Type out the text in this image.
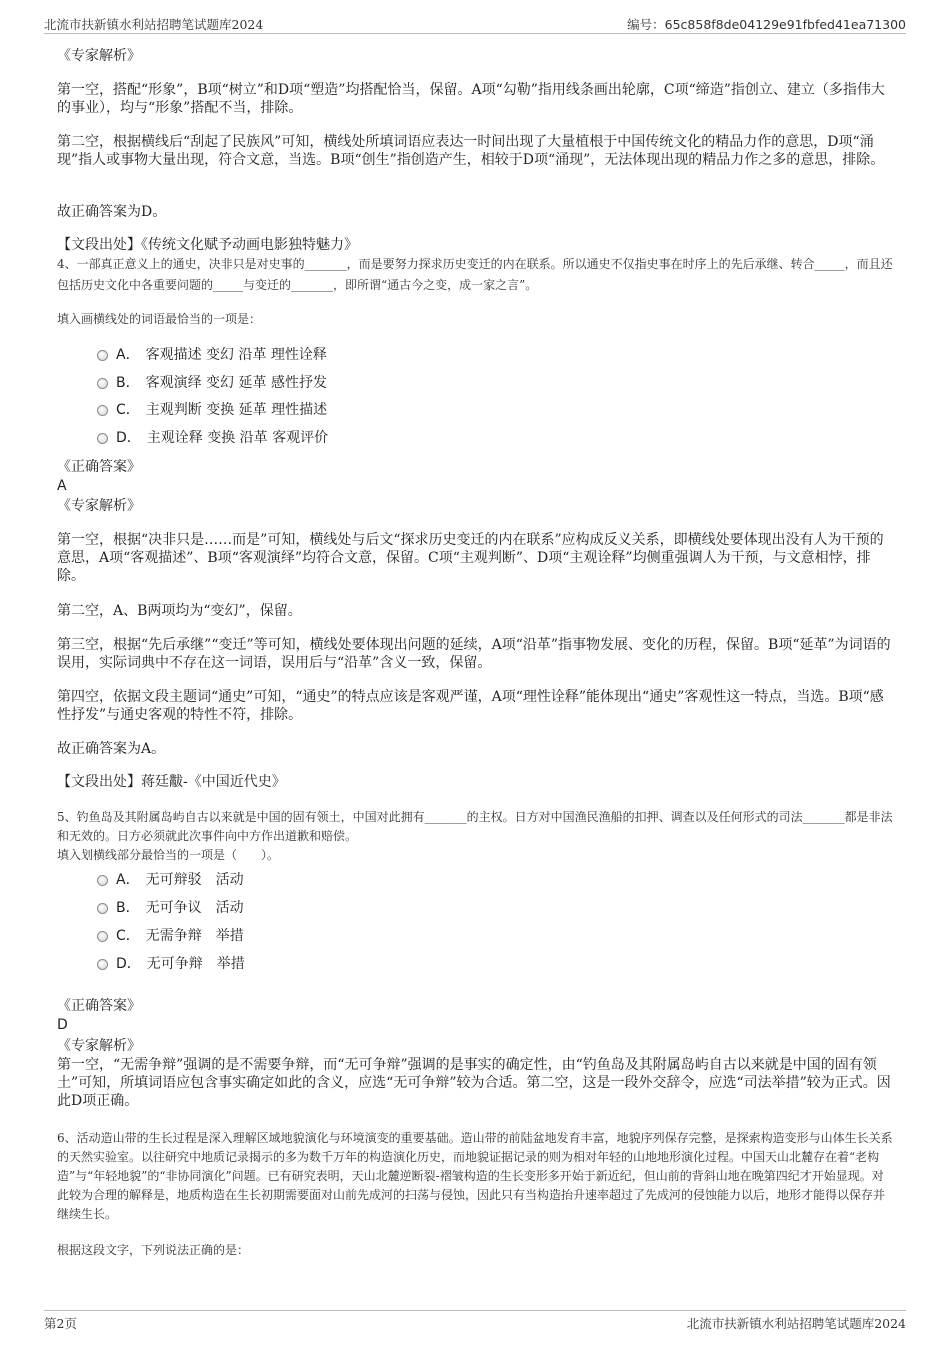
北流市扶新镇水利站招聘笔试题库2024	编号：65c858f8de04129e91fbfed41ea71300
《专家解析》
第一空，搭配“形象”，B项“树立”和D项“塑造”均搭配恰当，保留。A项“勾勒”指用线条画出轮廓，C项“缔造”指创立、建立（多指伟大的事业），均与“形象”搭配不当，排除。
第二空，根据横线后“刮起了民族风”可知，横线处所填词语应表达一时间出现了大量植根于中国传统文化的精品力作的意思，D项“涌现”指人或事物大量出现，符合文意，当选。B项“创生”指创造产生，相较于D项“涌现”，无法体现出现的精品力作之多的意思，排除。
故正确答案为D。
【文段出处】《传统文化赋予动画电影独特魅力》
4、一部真正意义上的通史，决非只是对史事的_______，而是要努力探求历史变迁的内在联系。所以通史不仅指史事在时序上的先后承继、转合_____，而且还包括历史文化中各重要问题的_____与变迁的_______，即所谓“通古今之变，成一家之言”。
填入画横线处的词语最恰当的一项是：
A． 客观描述 变幻 沿革 理性诠释
B． 客观演绎 变幻 延革 感性抒发
C． 主观判断 变换 延革 理性描述
D． 主观诠释 变换 沿革 客观评价
《正确答案》
A
《专家解析》
第一空，根据“决非只是……而是”可知，横线处与后文“探求历史变迁的内在联系”应构成反义关系，即横线处要体现出没有人为干预的意思，A项“客观描述”、B项“客观演绎”均符合文意，保留。C项“主观判断”、D项“主观诠释”均侧重强调人为干预，与文意相悖，排除。
第二空，A、B两项均为“变幻”，保留。
第三空，根据“先后承继”“变迁”等可知，横线处要体现出问题的延续，A项“沿革”指事物发展、变化的历程，保留。B项“延革”为词语的误用，实际词典中不存在这一词语，误用后与“沿革”含义一致，保留。
第四空，依据文段主题词“通史”可知，“通史”的特点应该是客观严谨，A项“理性诠释”能体现出“通史”客观性这一特点，当选。B项“感性抒发”与通史客观的特性不符，排除。
故正确答案为A。
【文段出处】蒋廷黻-《中国近代史》
5、钓鱼岛及其附属岛屿自古以来就是中国的固有领土，中国对此拥有_______的主权。日方对中国渔民渔船的扣押、调查以及任何形式的司法_______都是非法和无效的。日方必须就此次事件向中方作出道歉和赔偿。
填入划横线部分最恰当的一项是（　　）。
A． 无可辩驳 活动
B． 无可争议 活动
C． 无需争辩 举措
D． 无可争辩 举措
《正确答案》
D
《专家解析》
第一空，“无需争辩”强调的是不需要争辩，而“无可争辩”强调的是事实的确定性，由“钓鱼岛及其附属岛屿自古以来就是中国的固有领土”可知，所填词语应包含事实确定如此的含义，应选“无可争辩”较为合适。第二空，这是一段外交辞令，应选“司法举措”较为正式。因此D项正确。
6、活动造山带的生长过程是深入理解区域地貌演化与环境演变的重要基础。造山带的前陆盆地发育丰富，地貌序列保存完整，是探索构造变形与山体生长关系的天然实验室。以往研究中地质记录揭示的多为数千万年的构造演化历史，而地貌证据记录的则为相对年轻的山地地形演化过程。中国天山北麓存在着“老构造”与“年轻地貌”的“非协同演化”问题。已有研究表明，天山北麓逆断裂-褶皱构造的生长变形多开始于新近纪，但山前的背斜山地在晚第四纪才开始显现。对此较为合理的解释是，地质构造在生长初期需要面对山前先成河的扫荡与侵蚀，因此只有当构造抬升速率超过了先成河的侵蚀能力以后，地形才能得以保存并继续生长。
根据这段文字，下列说法正确的是：
第2页	北流市扶新镇水利站招聘笔试题库2024
